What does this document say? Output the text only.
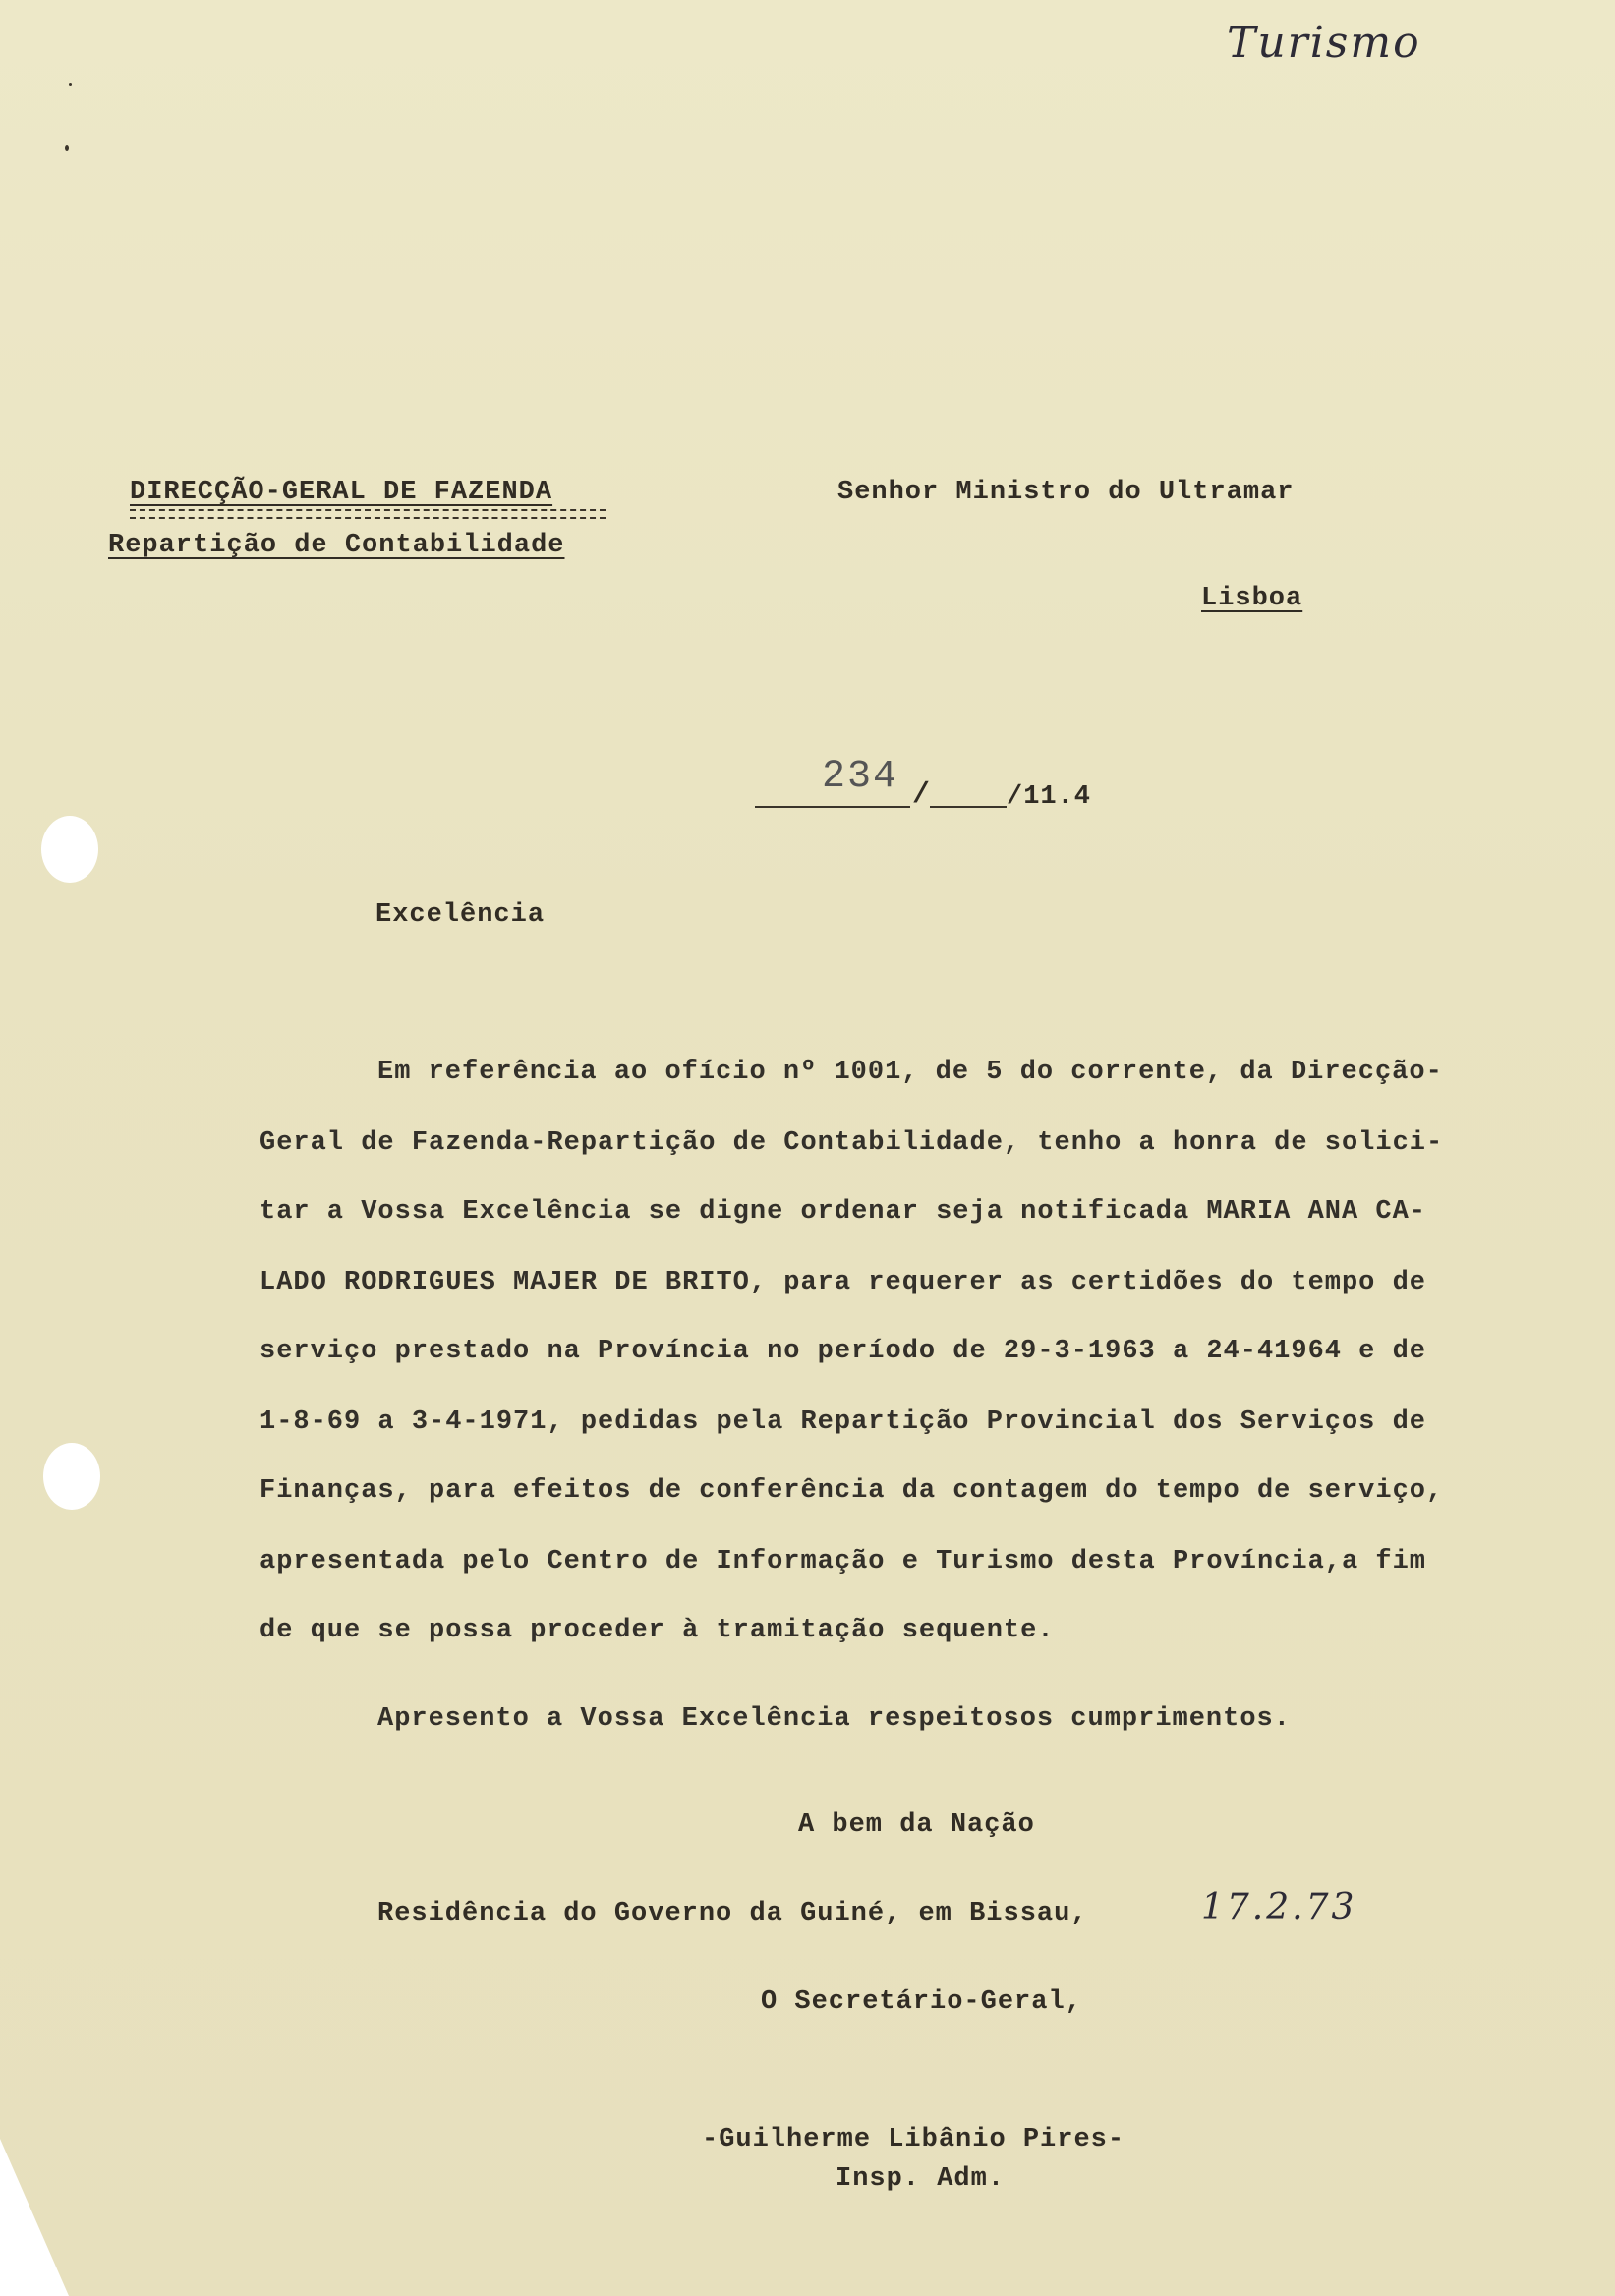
Turismo
DIRECÇÃO-GERAL DE FAZENDA
Repartição de Contabilidade
Senhor Ministro do Ultramar
Lisboa
234 /	/11.4
Excelência
Em referência ao ofício nº 1001, de 5 do corrente, da Direcção-
Geral de Fazenda-Repartição de Contabilidade, tenho a honra de solici-
tar a Vossa Excelência se digne ordenar seja notificada MARIA ANA CA-
LADO RODRIGUES MAJER DE BRITO, para requerer as certidões do tempo de
serviço prestado na Província no período de 29-3-1963 a 24-41964 e de
1-8-69 a 3-4-1971, pedidas pela Repartição Provincial dos Serviços de
Finanças, para efeitos de conferência da contagem do tempo de serviço,
apresentada pelo Centro de Informação e Turismo desta Província,a fim
de que se possa proceder à tramitação sequente.
Apresento a Vossa Excelência respeitosos cumprimentos.
A bem da Nação
Residência do Governo da Guiné, em Bissau,	17.2.73
O Secretário-Geral,
-Guilherme Libânio Pires-
Insp. Adm.
